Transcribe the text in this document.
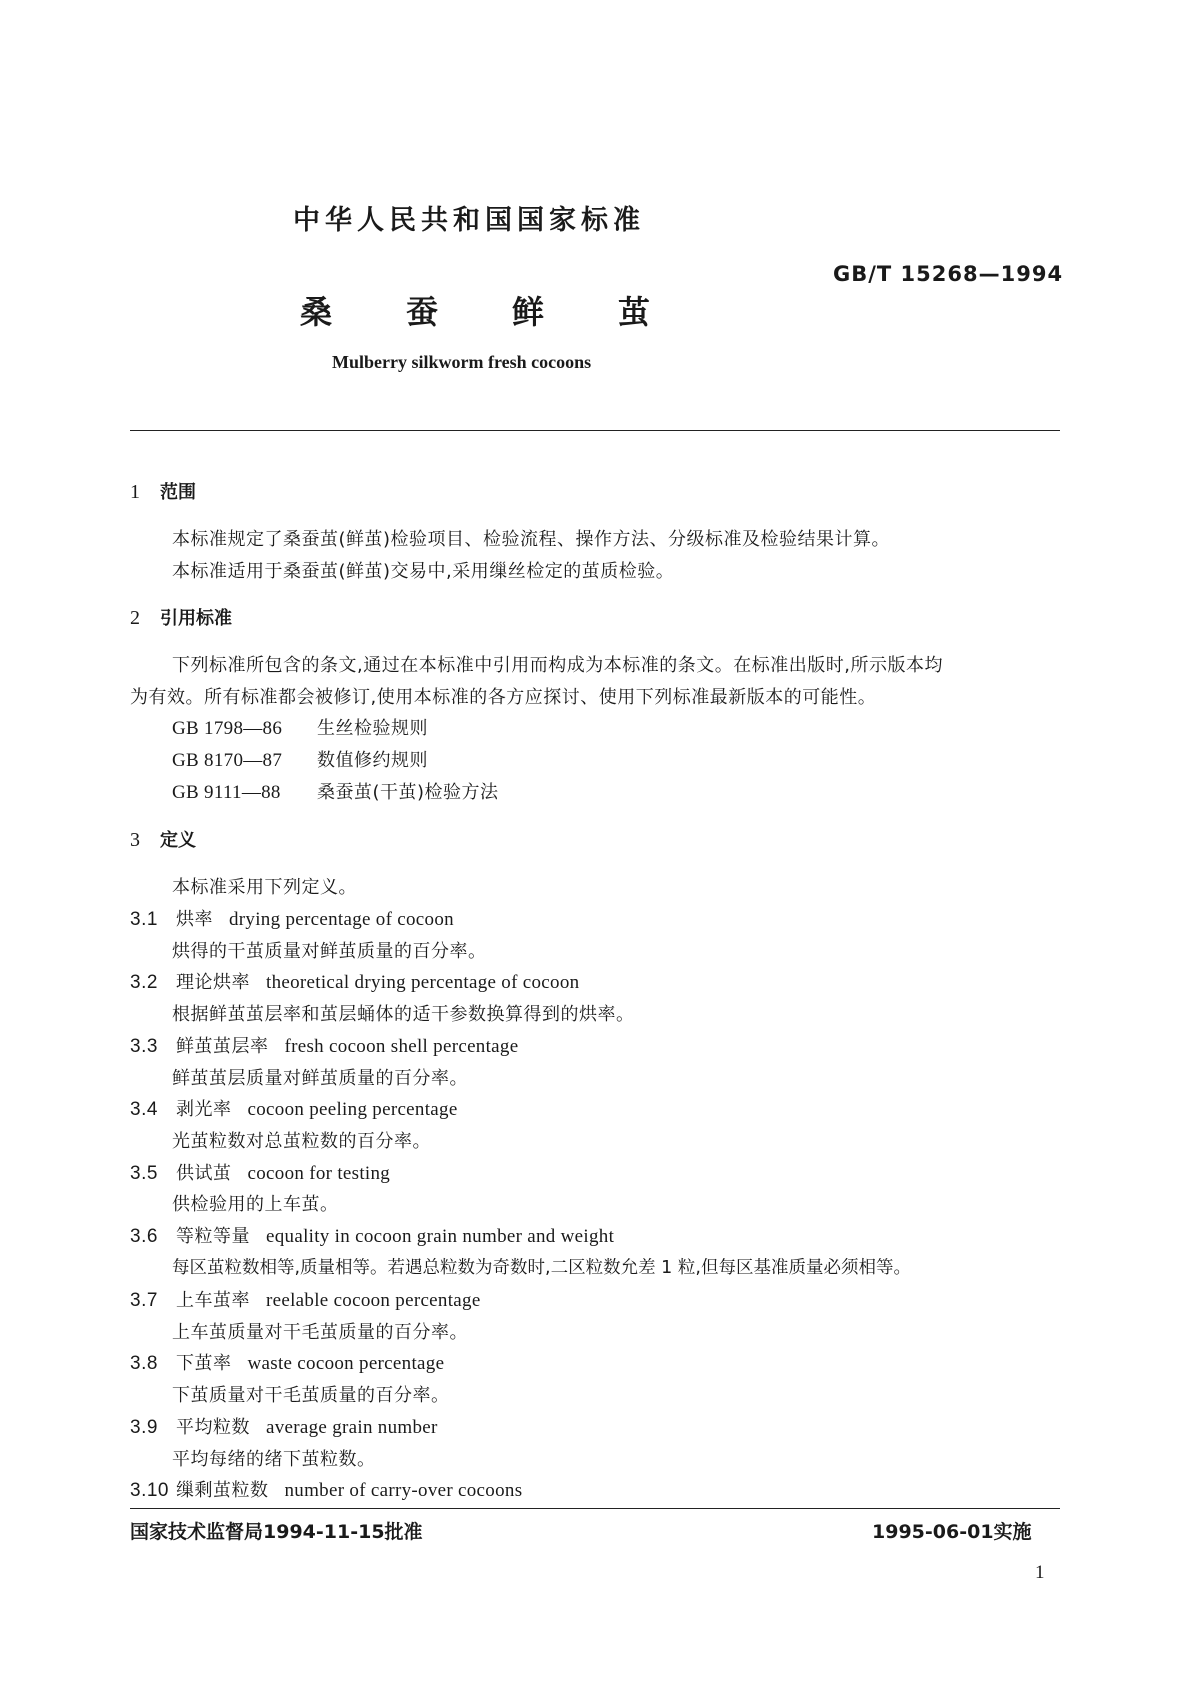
中华人民共和国国家标准
GB/T 15268—1994
桑 蚕 鲜 茧
Mulberry silkworm fresh cocoons
1 范围
本标准规定了桑蚕茧(鲜茧)检验项目、检验流程、操作方法、分级标准及检验结果计算。
本标准适用于桑蚕茧(鲜茧)交易中,采用缫丝检定的茧质检验。
2 引用标准
下列标准所包含的条文,通过在本标准中引用而构成为本标准的条文。在标准出版时,所示版本均
为有效。所有标准都会被修订,使用本标准的各方应探讨、使用下列标准最新版本的可能性。
GB 1798—86 生丝检验规则
GB 8170—87 数值修约规则
GB 9111—88 桑蚕茧(干茧)检验方法
3 定义
本标准采用下列定义。
3.1 烘率 drying percentage of cocoon
烘得的干茧质量对鲜茧质量的百分率。
3.2 理论烘率 theoretical drying percentage of cocoon
根据鲜茧茧层率和茧层蛹体的适干参数换算得到的烘率。
3.3 鲜茧茧层率 fresh cocoon shell percentage
鲜茧茧层质量对鲜茧质量的百分率。
3.4 剥光率 cocoon peeling percentage
光茧粒数对总茧粒数的百分率。
3.5 供试茧 cocoon for testing
供检验用的上车茧。
3.6 等粒等量 equality in cocoon grain number and weight
每区茧粒数相等,质量相等。若遇总粒数为奇数时,二区粒数允差 1 粒,但每区基准质量必须相等。
3.7 上车茧率 reelable cocoon percentage
上车茧质量对干毛茧质量的百分率。
3.8 下茧率 waste cocoon percentage
下茧质量对干毛茧质量的百分率。
3.9 平均粒数 average grain number
平均每绪的绪下茧粒数。
3.10 缫剩茧粒数 number of carry-over cocoons
国家技术监督局1994-11-15批准	1995-06-01实施
1
